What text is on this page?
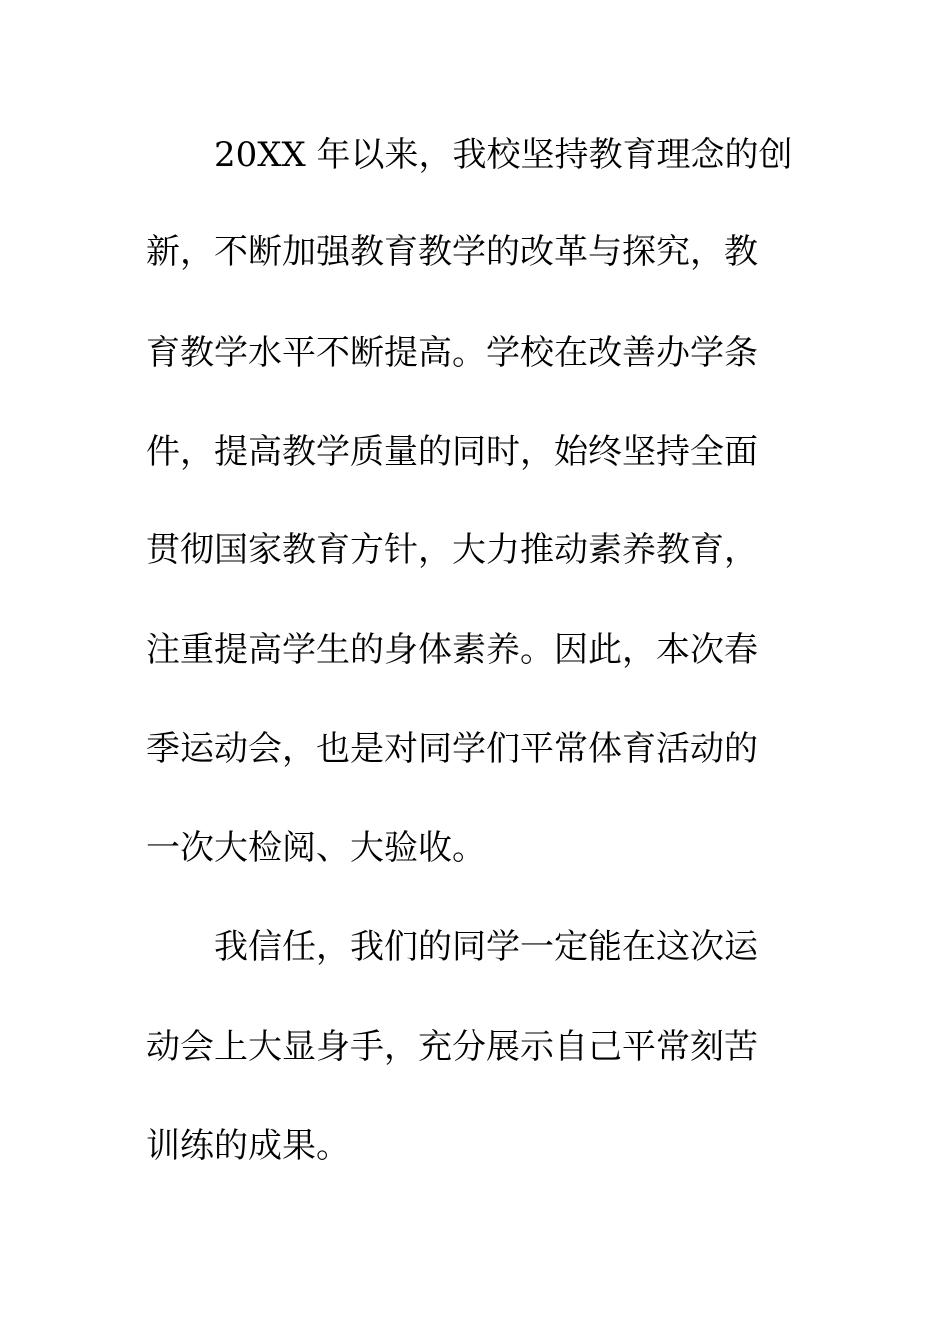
20XX 年以来，我校坚持教育理念的创
新，不断加强教育教学的改革与探究，教
育教学水平不断提高。学校在改善办学条
件，提高教学质量的同时，始终坚持全面
贯彻国家教育方针，大力推动素养教育，
注重提高学生的身体素养。因此，本次春
季运动会，也是对同学们平常体育活动的
一次大检阅、大验收。
我信任，我们的同学一定能在这次运
动会上大显身手，充分展示自己平常刻苦
训练的成果。
